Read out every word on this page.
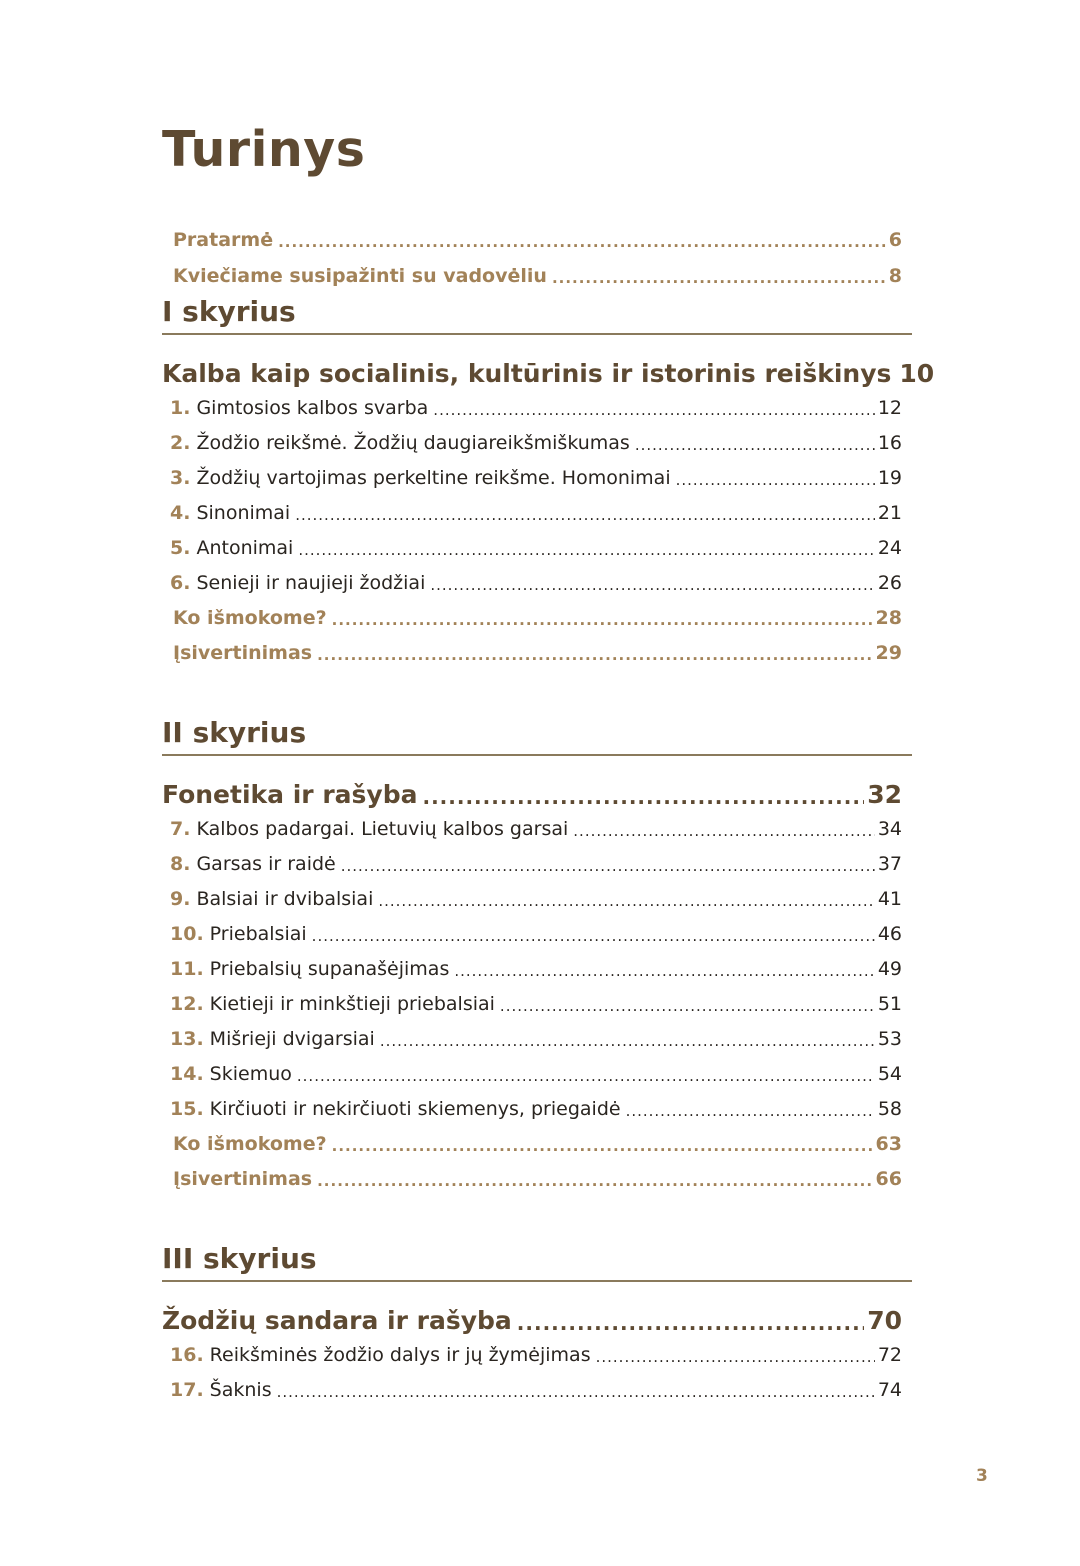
Turinys
Pratarmė .....	6
Kviečiame susipažinti su vadovėliu .....	8
I skyrius
Kalba kaip socialinis, kultūrinis ir istorinis reiškinys 10
1. Gimtosios kalbos svarba .....	12
2. Žodžio reikšmė. Žodžių daugiareikšmiškumas .....	16
3. Žodžių vartojimas perkeltine reikšme. Homonimai .....	19
4. Sinonimai .....	21
5. Antonimai .....	24
6. Senieji ir naujieji žodžiai .....	26
Ko išmokome? .....	28
Įsivertinimas .....	29
II skyrius
Fonetika ir rašyba .....	32
7. Kalbos padargai. Lietuvių kalbos garsai .....	34
8. Garsas ir raidė .....	37
9. Balsiai ir dvibalsiai .....	41
10. Priebalsiai .....	46
11. Priebalsių supanašėjimas .....	49
12. Kietieji ir minkštieji priebalsiai .....	51
13. Mišrieji dvigarsiai .....	53
14. Skiemuo .....	54
15. Kirčiuoti ir nekirčiuoti skiemenys, priegaidė .....	58
Ko išmokome? .....	63
Įsivertinimas .....	66
III skyrius
Žodžių sandara ir rašyba .....	70
16. Reikšminės žodžio dalys ir jų žymėjimas .....	72
17. Šaknis .....	74
3
